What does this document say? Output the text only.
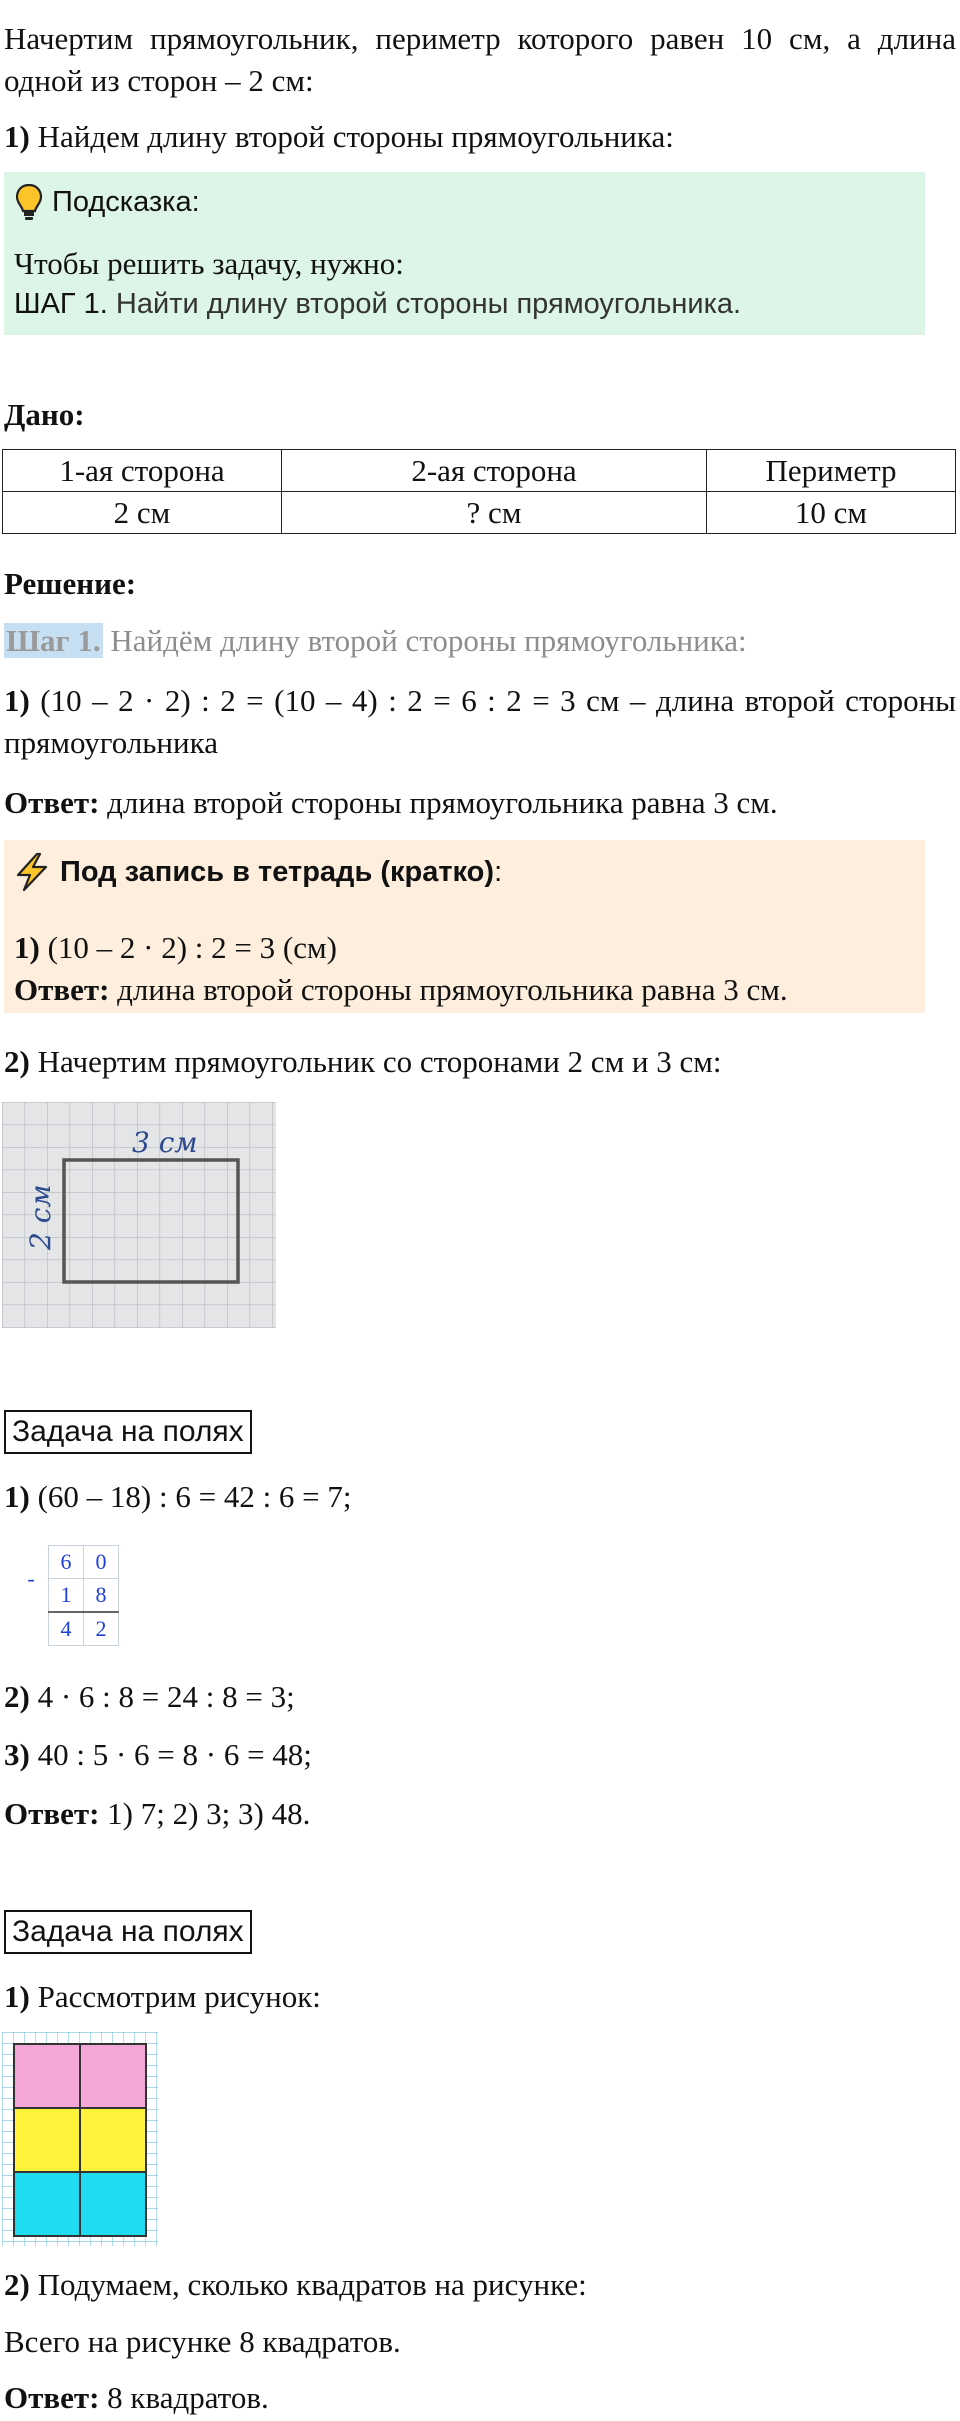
Начертим прямоугольник, периметр которого равен 10 см, а длина одной из сторон – 2 см:

1) Найдем длину второй стороны прямоугольника:

Подсказка:
Чтобы решить задачу, нужно:
ШАГ 1. Найти длину второй стороны прямоугольника.

Дано:

1-ая сторона	2-ая сторона	Периметр
2 см	? см	10 см

Решение:

Шаг 1. Найдём длину второй стороны прямоугольника:

1) (10 – 2 · 2) : 2 = (10 – 4) : 2 = 6 : 2 = 3 см – длина второй стороны прямоугольника

Ответ: длина второй стороны прямоугольника равна 3 см.

Под запись в тетрадь (кратко) :
1) (10 – 2 · 2) : 2 = 3 (см)
Ответ: длина второй стороны прямоугольника равна 3 см.

2) Начертим прямоугольник со сторонами 2 см и 3 см:

3 см
2 см
Задача на полях

1) (60 – 18) : 6 = 42 : 6 = 7;

-	6	0
	1	8
	4	2

2) 4 · 6 : 8 = 24 : 8 = 3;

3) 40 : 5 · 6 = 8 · 6 = 48;

Ответ: 1) 7; 2) 3; 3) 48.

Задача на полях

1) Рассмотрим рисунок:

2) Подумаем, сколько квадратов на рисунке:

Всего на рисунке 8 квадратов.

Ответ: 8 квадратов.
